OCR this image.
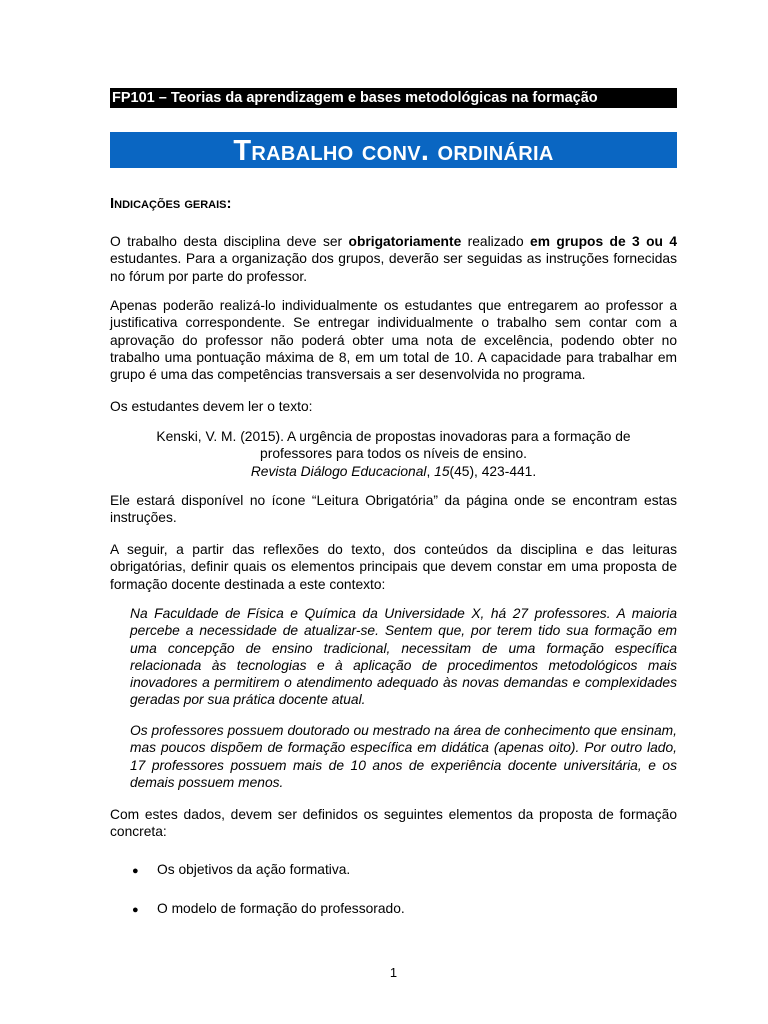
FP101 – Teorias da aprendizagem e bases metodológicas na formação
Trabalho conv. ordinária
Indicações gerais:
O trabalho desta disciplina deve ser obrigatoriamente realizado em grupos de 3 ou 4 estudantes. Para a organização dos grupos, deverão ser seguidas as instruções fornecidas no fórum por parte do professor.
Apenas poderão realizá-lo individualmente os estudantes que entregarem ao professor a justificativa correspondente. Se entregar individualmente o trabalho sem contar com a aprovação do professor não poderá obter uma nota de excelência, podendo obter no trabalho uma pontuação máxima de 8, em um total de 10. A capacidade para trabalhar em grupo é uma das competências transversais a ser desenvolvida no programa.
Os estudantes devem ler o texto:
Kenski, V. M. (2015). A urgência de propostas inovadoras para a formação de
professores para todos os níveis de ensino.
Revista Diálogo Educacional, 15(45), 423-441.
Ele estará disponível no ícone “Leitura Obrigatória” da página onde se encontram estas instruções.
A seguir, a partir das reflexões do texto, dos conteúdos da disciplina e das leituras obrigatórias, definir quais os elementos principais que devem constar em uma proposta de formação docente destinada a este contexto:
Na Faculdade de Física e Química da Universidade X, há 27 professores. A maioria percebe a necessidade de atualizar-se. Sentem que, por terem tido sua formação em uma concepção de ensino tradicional, necessitam de uma formação específica relacionada às tecnologias e à aplicação de procedimentos metodológicos mais inovadores a permitirem o atendimento adequado às novas demandas e complexidades geradas por sua prática docente atual.
Os professores possuem doutorado ou mestrado na área de conhecimento que ensinam, mas poucos dispõem de formação específica em didática (apenas oito). Por outro lado, 17 professores possuem mais de 10 anos de experiência docente universitária, e os demais possuem menos.
Com estes dados, devem ser definidos os seguintes elementos da proposta de formação concreta:
● Os objetivos da ação formativa.
● O modelo de formação do professorado.
1
